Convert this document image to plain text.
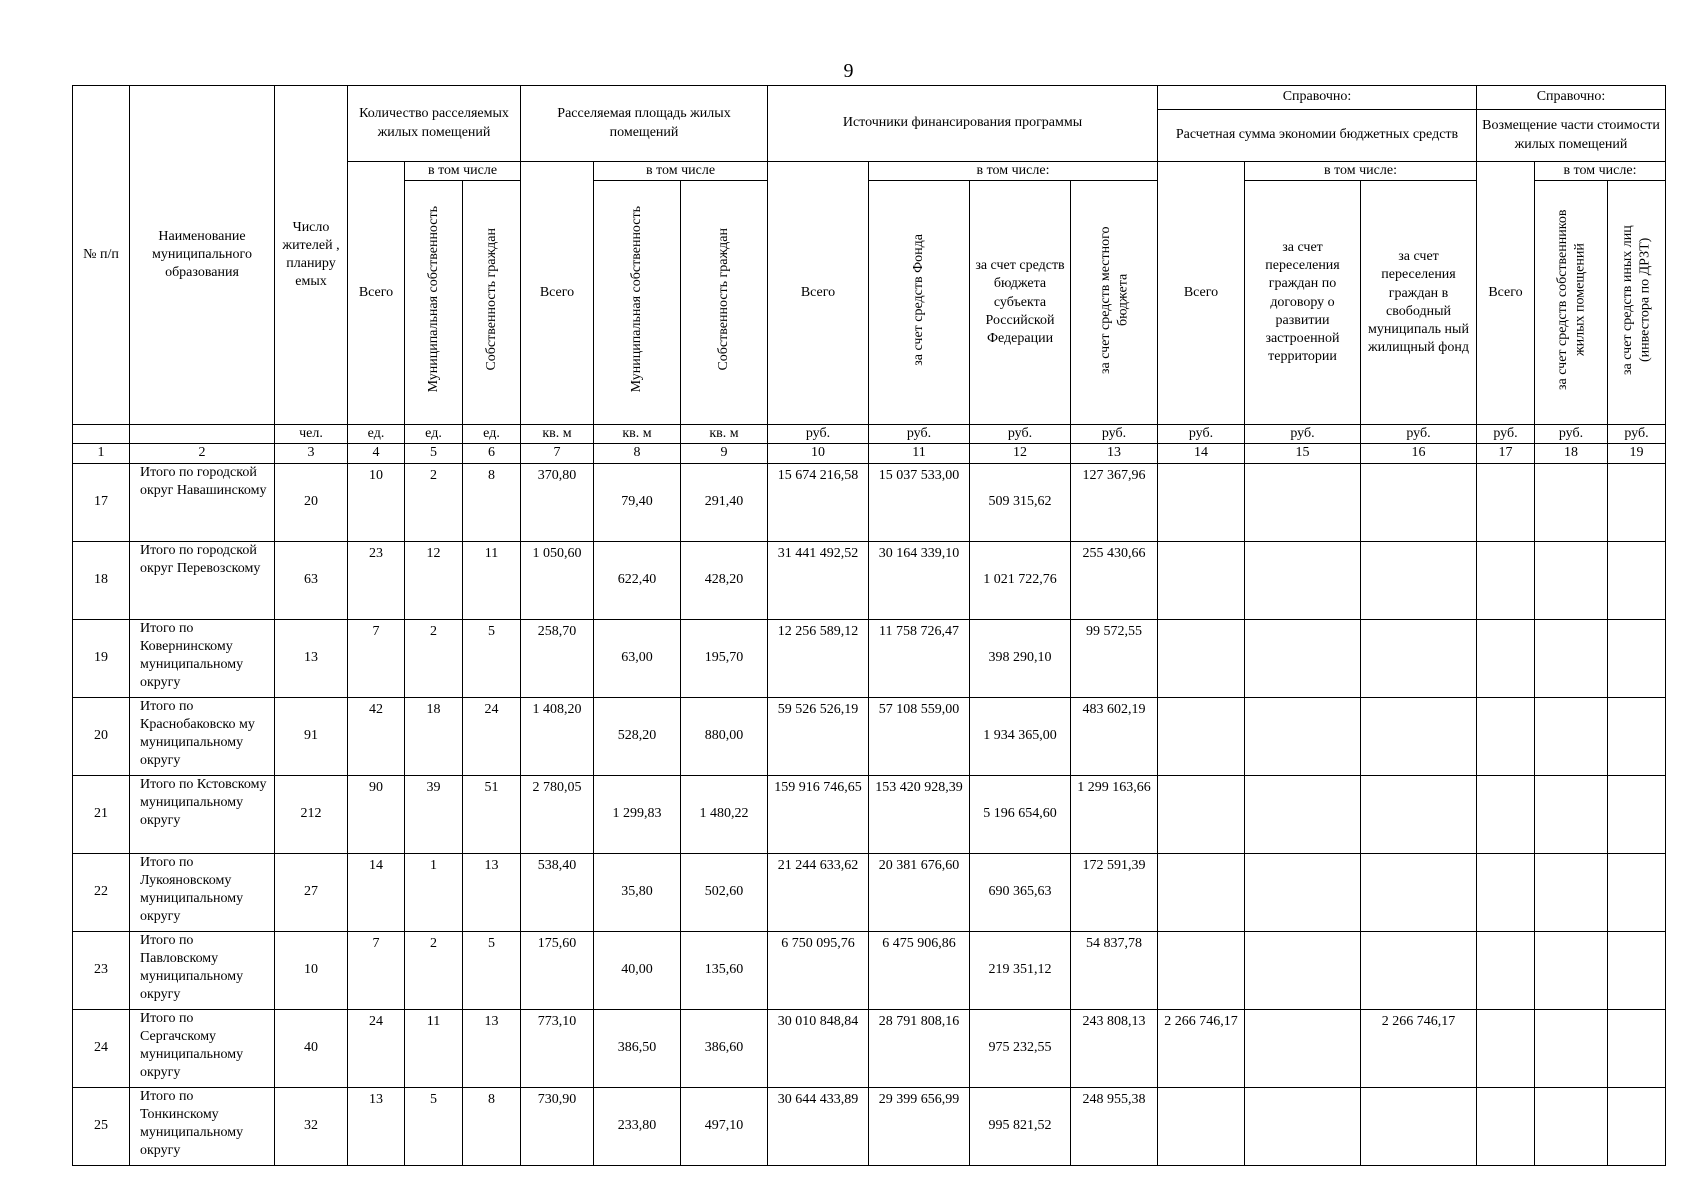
9
№ п/п	Наименование муниципального образования	Число жителей , планиру емых	Количество расселяемых жилых помещений			Расселяемая площадь жилых помещений			Источники финансирования программы				Справочно:			Справочно:		
													Расчетная сумма экономии бюджетных средств			Возмещение части стоимости жилых помещений		
			Всего	в том числе		Всего	в том числе		Всего	в том числе:			Всего	в том числе:		Всего	в том числе:	
				Муниципальная собственность	Собственность граждан		Муниципальная собственность	Собственность граждан		за счет средств Фонда	за счет средств бюджета субъекта Российской Федерации	за счет средств местного бюджета		за счет переселения граждан по договору о развитии застроенной территории	за счет переселения граждан в свободный муниципаль ный жилищный фонд		за счет средств собственников жилых помещений	за счет средств иных лиц (инвестора по ДРЗТ)
		чел.	ед.	ед.	ед.	кв. м	кв. м	кв. м	руб.	руб.	руб.	руб.	руб.	руб.	руб.	руб.	руб.	руб.
1	2	3	4	5	6	7	8	9	10	11	12	13	14	15	16	17	18	19
17	Итого по городской округ Навашинскому	20	10	2	8	370,80	79,40	291,40	15 674 216,58	15 037 533,00	509 315,62	127 367,96						
18	Итого по городской округ Перевозскому	63	23	12	11	1 050,60	622,40	428,20	31 441 492,52	30 164 339,10	1 021 722,76	255 430,66						
19	Итого по Ковернинскому муниципальному округу	13	7	2	5	258,70	63,00	195,70	12 256 589,12	11 758 726,47	398 290,10	99 572,55						
20	Итого по Краснобаковско му муниципальному округу	91	42	18	24	1 408,20	528,20	880,00	59 526 526,19	57 108 559,00	1 934 365,00	483 602,19						
21	Итого по Кстовскому муниципальному округу	212	90	39	51	2 780,05	1 299,83	1 480,22	159 916 746,65	153 420 928,39	5 196 654,60	1 299 163,66						
22	Итого по Лукояновскому муниципальному округу	27	14	1	13	538,40	35,80	502,60	21 244 633,62	20 381 676,60	690 365,63	172 591,39						
23	Итого по Павловскому муниципальному округу	10	7	2	5	175,60	40,00	135,60	6 750 095,76	6 475 906,86	219 351,12	54 837,78						
24	Итого по Сергачскому муниципальному округу	40	24	11	13	773,10	386,50	386,60	30 010 848,84	28 791 808,16	975 232,55	243 808,13	2 266 746,17		2 266 746,17			
25	Итого по Тонкинскому муниципальному округу	32	13	5	8	730,90	233,80	497,10	30 644 433,89	29 399 656,99	995 821,52	248 955,38						
